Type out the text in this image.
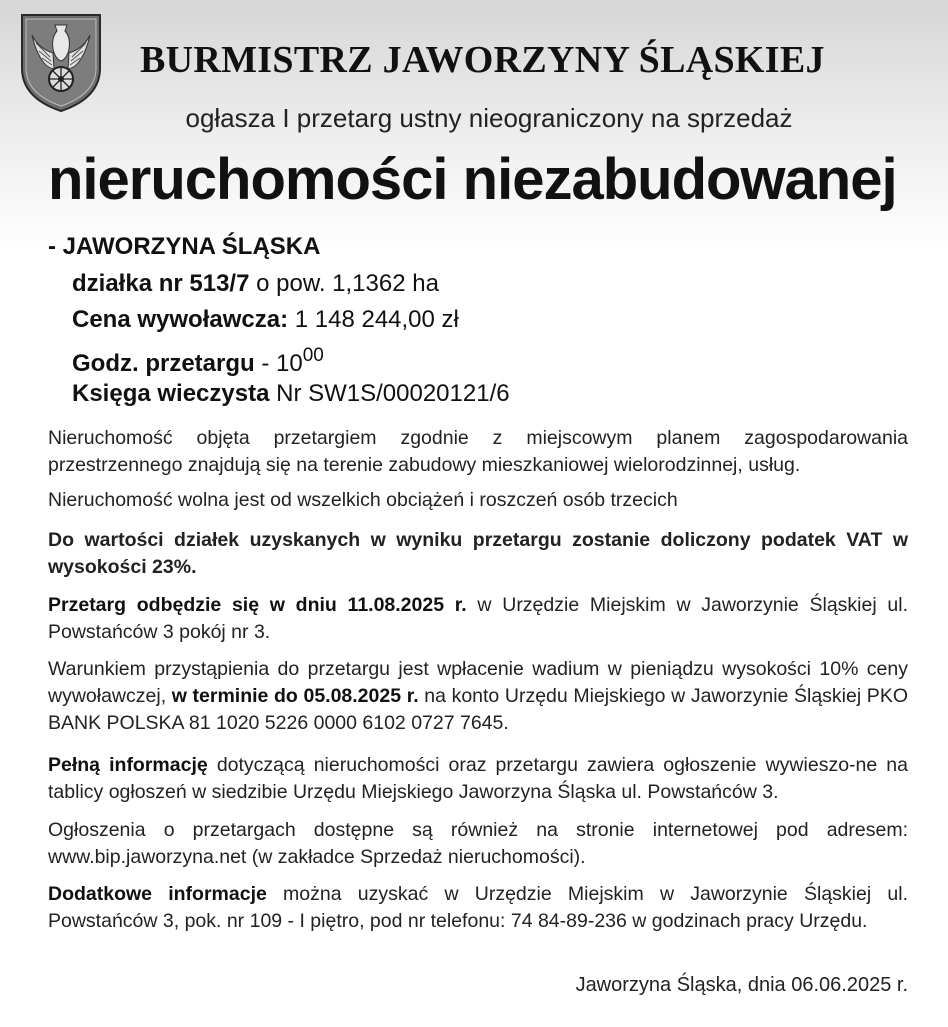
BURMISTRZ JAWORZYNY ŚLĄSKIEJ
ogłasza I przetarg ustny nieograniczony na sprzedaż
nieruchomości niezabudowanej
- JAWORZYNA ŚLĄSKA
działka nr 513/7 o pow. 1,1362 ha
Cena wywoławcza: 1 148 244,00 zł
Godz. przetargu - $10^{00}$
Księga wieczysta Nr SW1S/00020121/6
Nieruchomość objęta przetargiem zgodnie z miejscowym planem zagospodarowania przestrzennego znajdują się na terenie zabudowy mieszkaniowej wielorodzinnej, usług.
Nieruchomość wolna jest od wszelkich obciążeń i roszczeń osób trzecich
Do wartości działek uzyskanych w wyniku przetargu zostanie doliczony podatek VAT w wysokości 23%.
Przetarg odbędzie się w dniu 11.08.2025 r. w Urzędzie Miejskim w Jaworzynie Śląskiej ul. Powstańców 3 pokój nr 3.
Warunkiem przystąpienia do przetargu jest wpłacenie wadium w pieniądzu wysokości 10% ceny wywoławczej, w terminie do 05.08.2025 r. na konto Urzędu Miejskiego w Jaworzynie Śląskiej PKO BANK POLSKA 81 1020 5226 0000 6102 0727 7645.
Pełną informację dotyczącą nieruchomości oraz przetargu zawiera ogłoszenie wywieszo-ne na tablicy ogłoszeń w siedzibie Urzędu Miejskiego Jaworzyna Śląska ul. Powstańców 3.
Ogłoszenia o przetargach dostępne są również na stronie internetowej pod adresem: www.bip.jaworzyna.net (w zakładce Sprzedaż nieruchomości).
Dodatkowe informacje można uzyskać w Urzędzie Miejskim w Jaworzynie Śląskiej ul. Powstańców 3, pok. nr 109 - I piętro, pod nr telefonu: 74 84-89-236 w godzinach pracy Urzędu.
Jaworzyna Śląska, dnia 06.06.2025 r.
